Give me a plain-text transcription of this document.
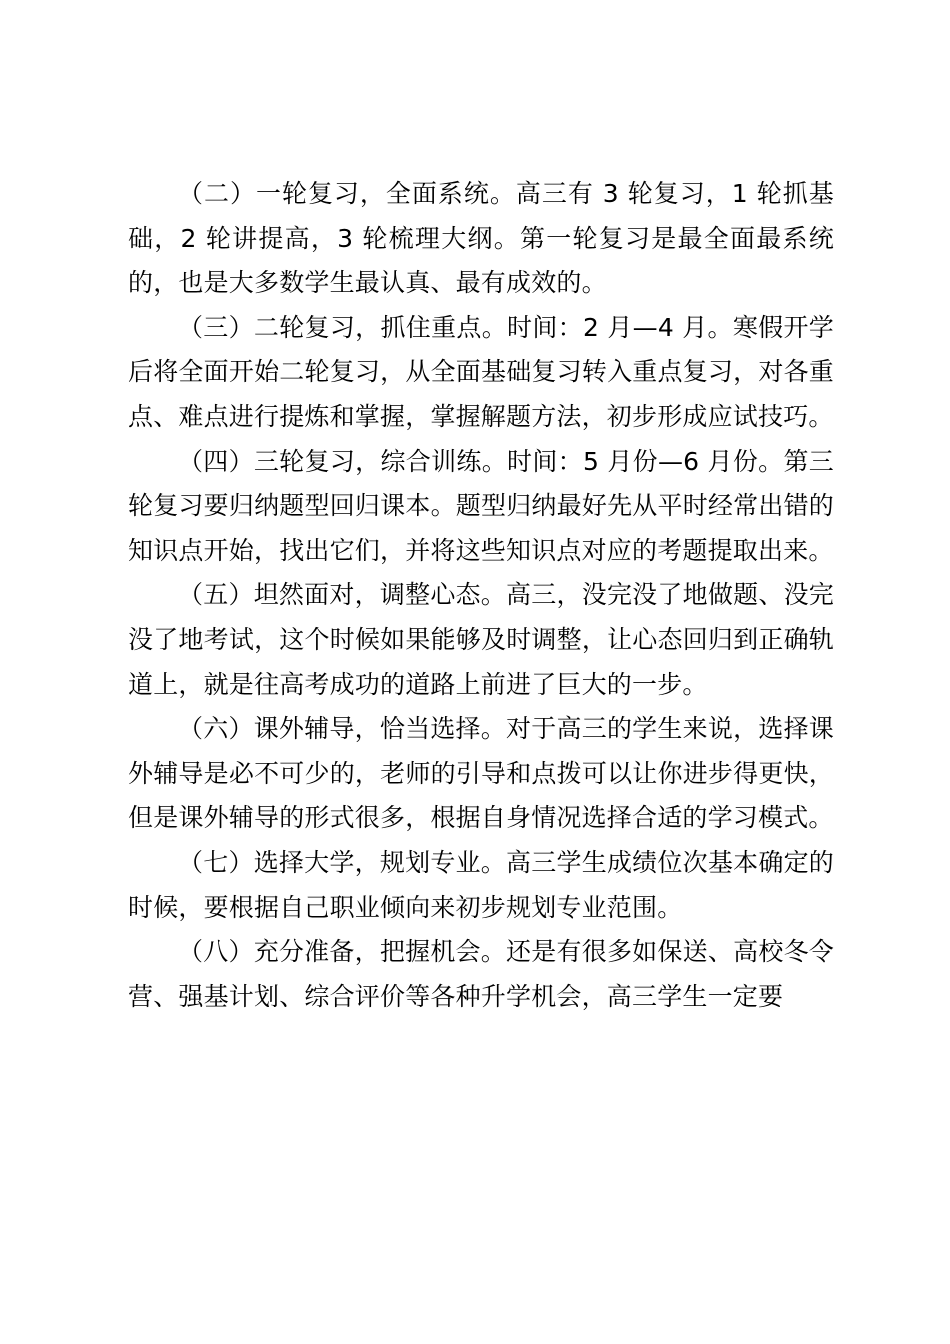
（二）一轮复习，全面系统。高三有 3 轮复习，1 轮抓基础，2 轮讲提高，3 轮梳理大纲。第一轮复习是最全面最系统的，也是大多数学生最认真、最有成效的。

（三）二轮复习，抓住重点。时间：2 月—4 月。寒假开学后将全面开始二轮复习，从全面基础复习转入重点复习，对各重点、难点进行提炼和掌握，掌握解题方法，初步形成应试技巧。

（四）三轮复习，综合训练。时间：5 月份—6 月份。第三轮复习要归纳题型回归课本。题型归纳最好先从平时经常出错的知识点开始，找出它们，并将这些知识点对应的考题提取出来。

（五）坦然面对，调整心态。高三，没完没了地做题、没完没了地考试，这个时候如果能够及时调整，让心态回归到正确轨道上，就是往高考成功的道路上前进了巨大的一步。

（六）课外辅导，恰当选择。对于高三的学生来说，选择课外辅导是必不可少的，老师的引导和点拨可以让你进步得更快，但是课外辅导的形式很多，根据自身情况选择合适的学习模式。

（七）选择大学，规划专业。高三学生成绩位次基本确定的时候，要根据自己职业倾向来初步规划专业范围。

（八）充分准备，把握机会。还是有很多如保送、高校冬令营、强基计划、综合评价等各种升学机会，高三学生一定要
